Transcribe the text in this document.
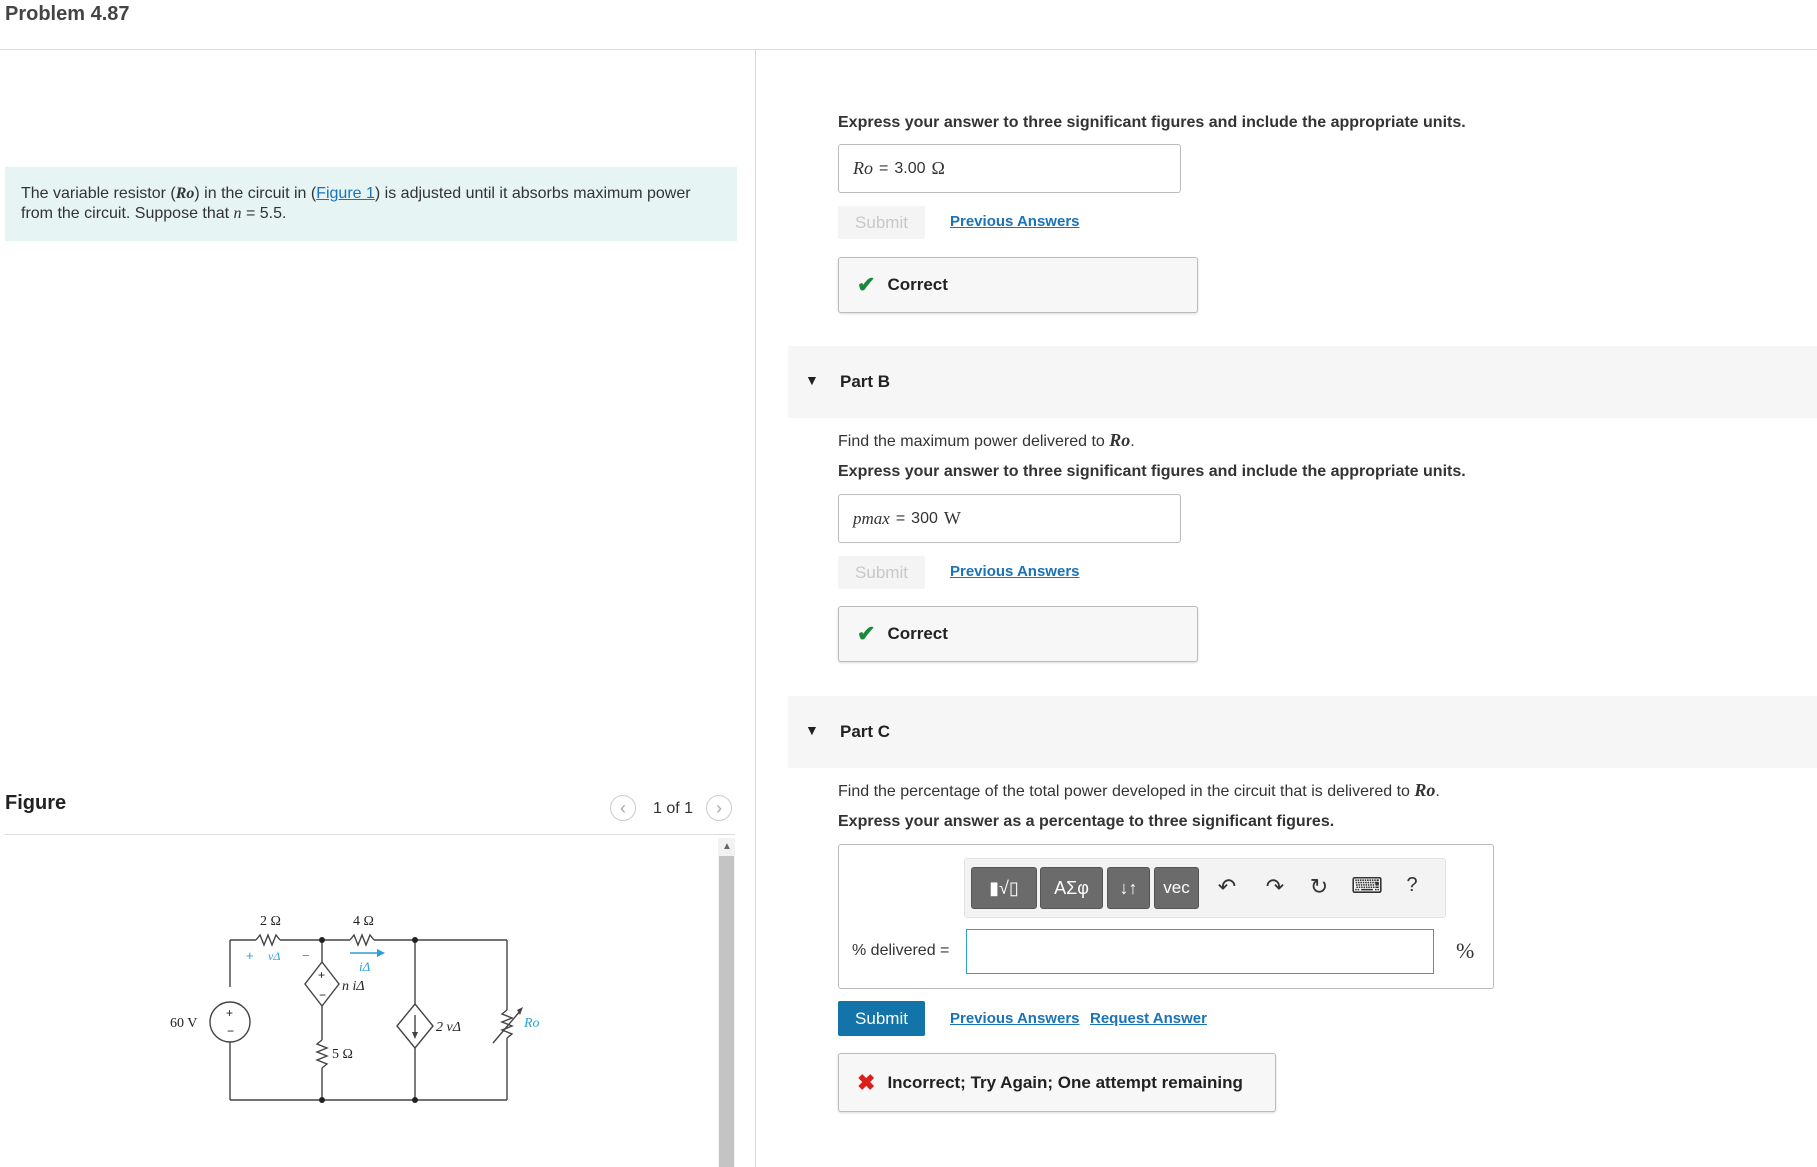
Problem 4.87
The variable resistor (Ro) in the circuit in (Figure 1) is adjusted until it absorbs maximum power
from the circuit. Suppose that n = 5.5.
Figure	‹	1 of 1	›
2 Ω	4 Ω
5 Ω
60 V
+ vΔ −
iΔ
n iΔ
2 vΔ	Ro
+
−
+
−
▲
Express your answer to three significant figures and include the appropriate units.
Ro = 3.00 Ω
Submit	Previous Answers
✔ Correct
▼ Part B
Find the maximum power delivered to Ro.
Express your answer to three significant figures and include the appropriate units.
pmax = 300 W
Submit	Previous Answers
✔ Correct
▼ Part C
Find the percentage of the total power developed in the circuit that is delivered to Ro.
Express your answer as a percentage to three significant figures.
▮√▯	ΑΣφ	↓↑	vec	↶ ↷ ↻ ⌨ ?
% delivered =	%
Submit	Previous Answers Request Answer
✖ Incorrect; Try Again; One attempt remaining
